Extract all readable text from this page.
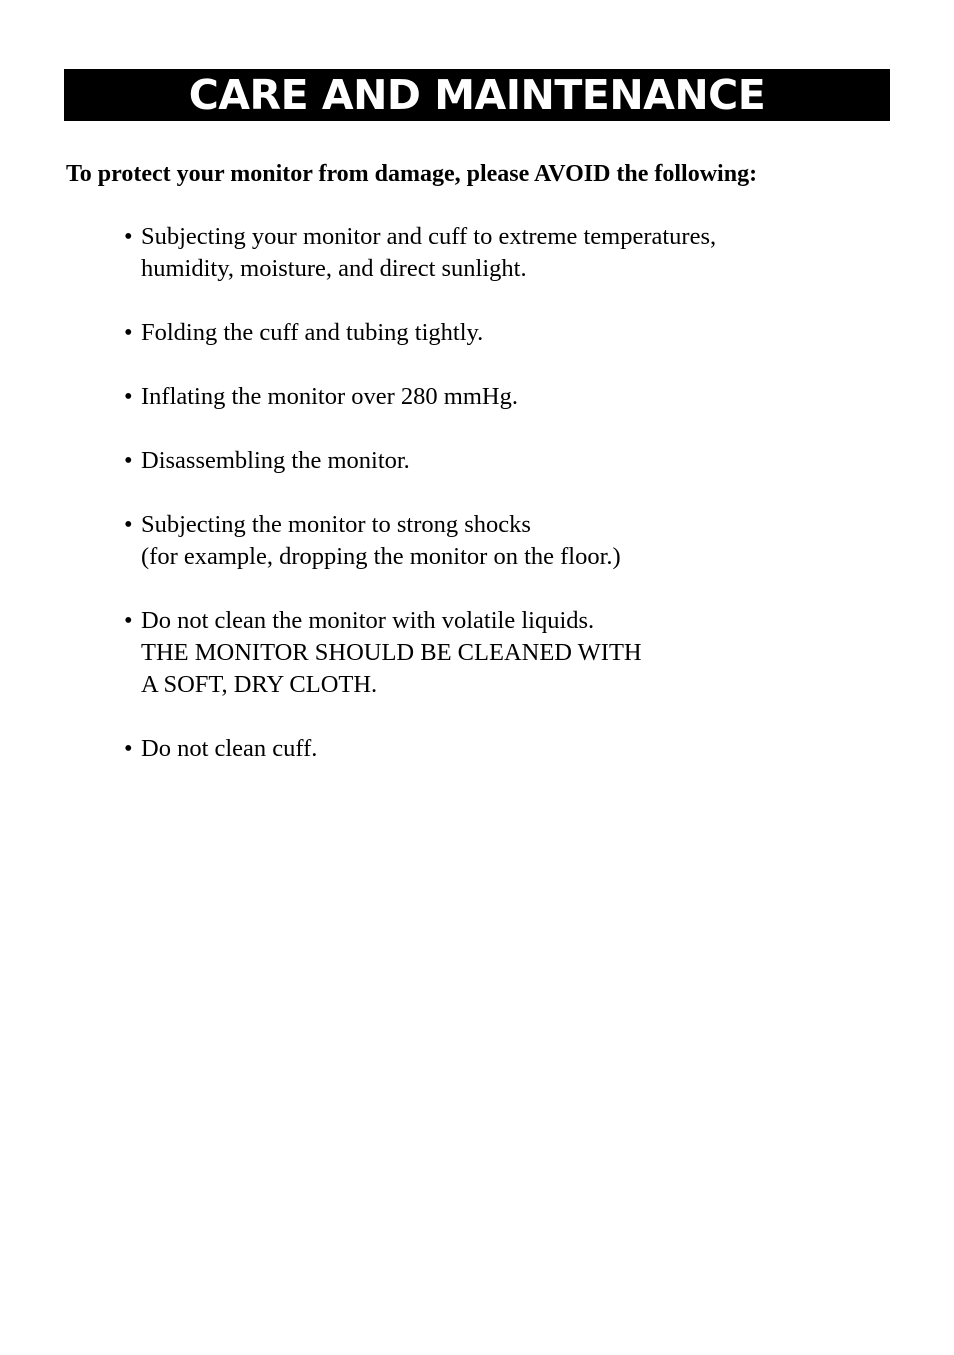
CARE AND MAINTENANCE
To protect your monitor from damage, please AVOID the following:
• Subjecting your monitor and cuff to extreme temperatures,
humidity, moisture, and direct sunlight.
• Folding the cuff and tubing tightly.
• Inflating the monitor over 280 mmHg.
• Disassembling the monitor.
• Subjecting the monitor to strong shocks
(for example, dropping the monitor on the floor.)
• Do not clean the monitor with volatile liquids.
THE MONITOR SHOULD BE CLEANED WITH
A SOFT, DRY CLOTH.
• Do not clean cuff.
